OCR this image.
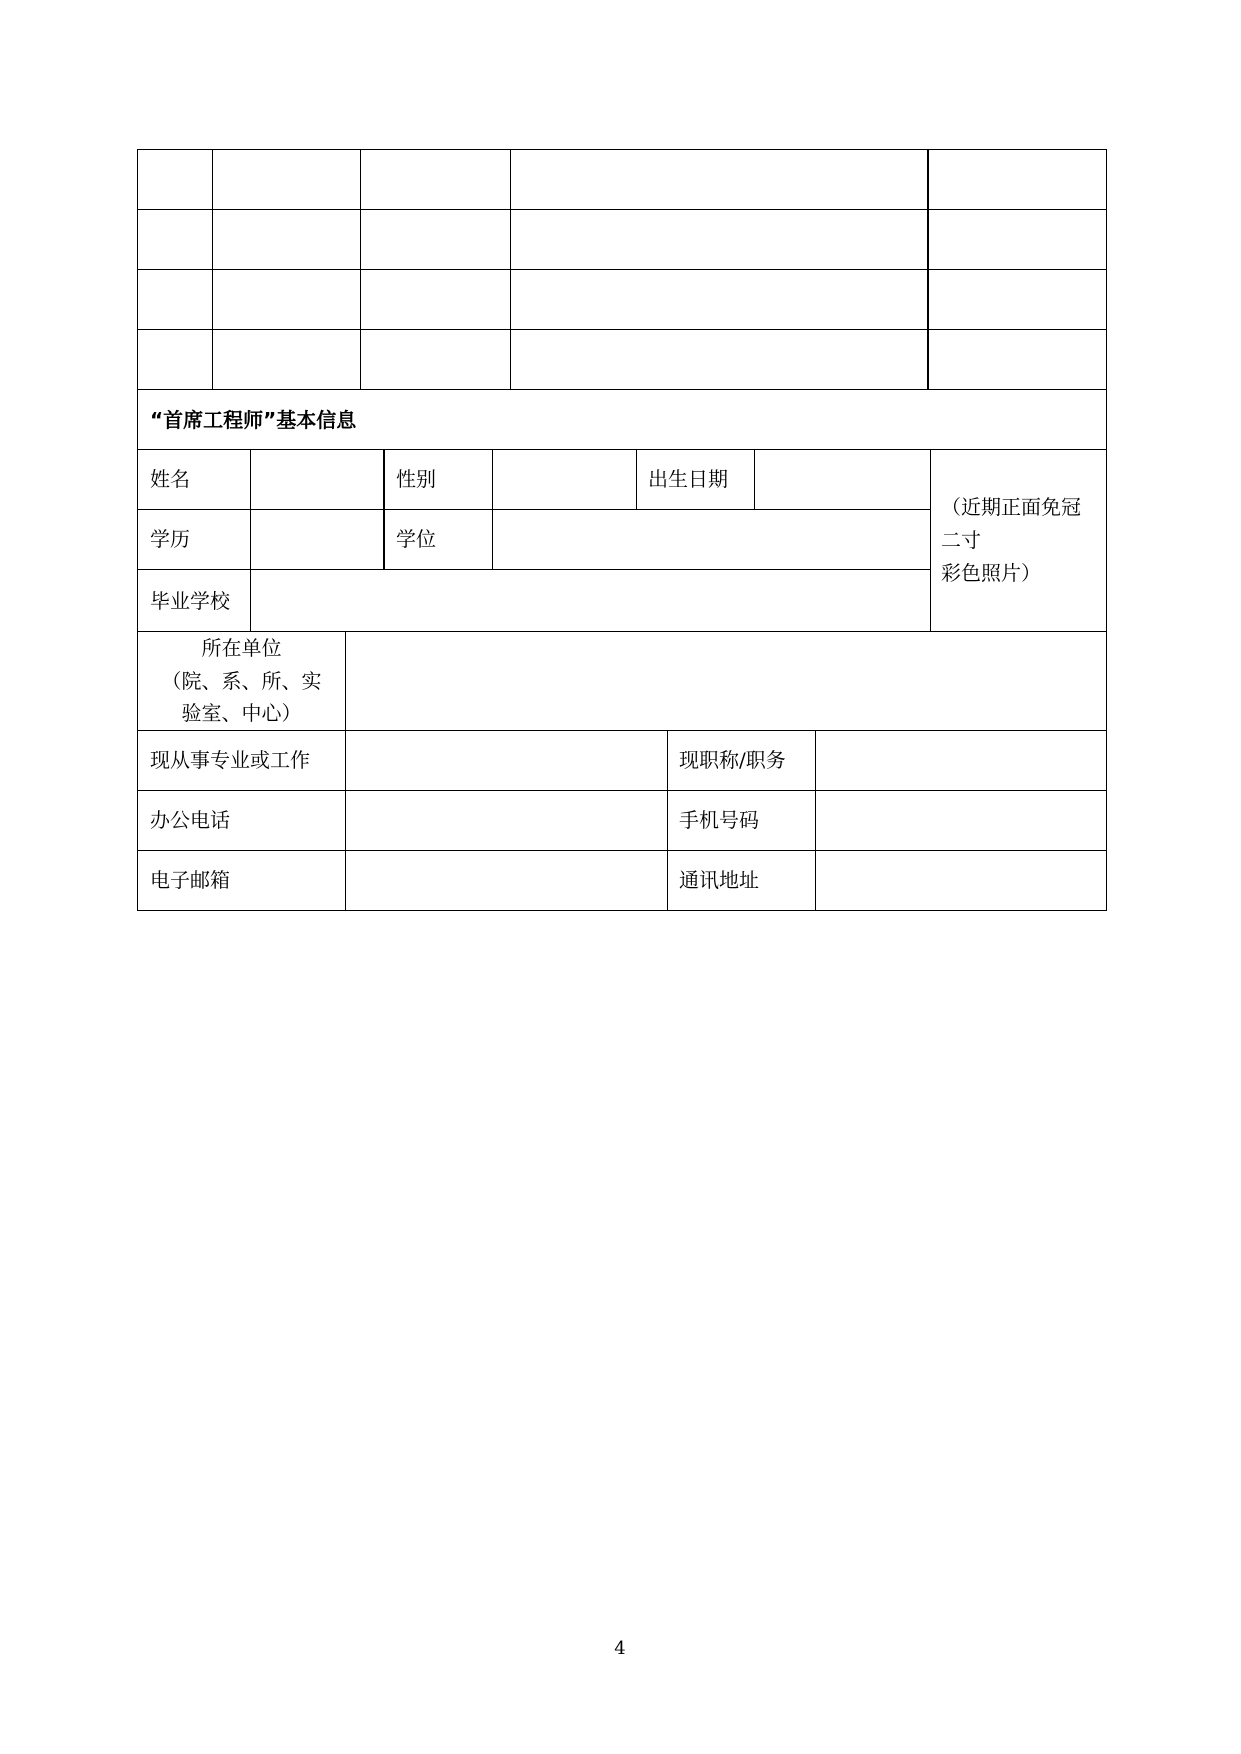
“首席工程师”基本信息
姓名	性别	出生日期
学历	学位
毕业学校
（近期正面免冠
二寸
彩色照片）
所在单位
（院、系、所、实
验室、中心）
现从事专业或工作	现职称/职务
办公电话	手机号码
电子邮箱	通讯地址
4
